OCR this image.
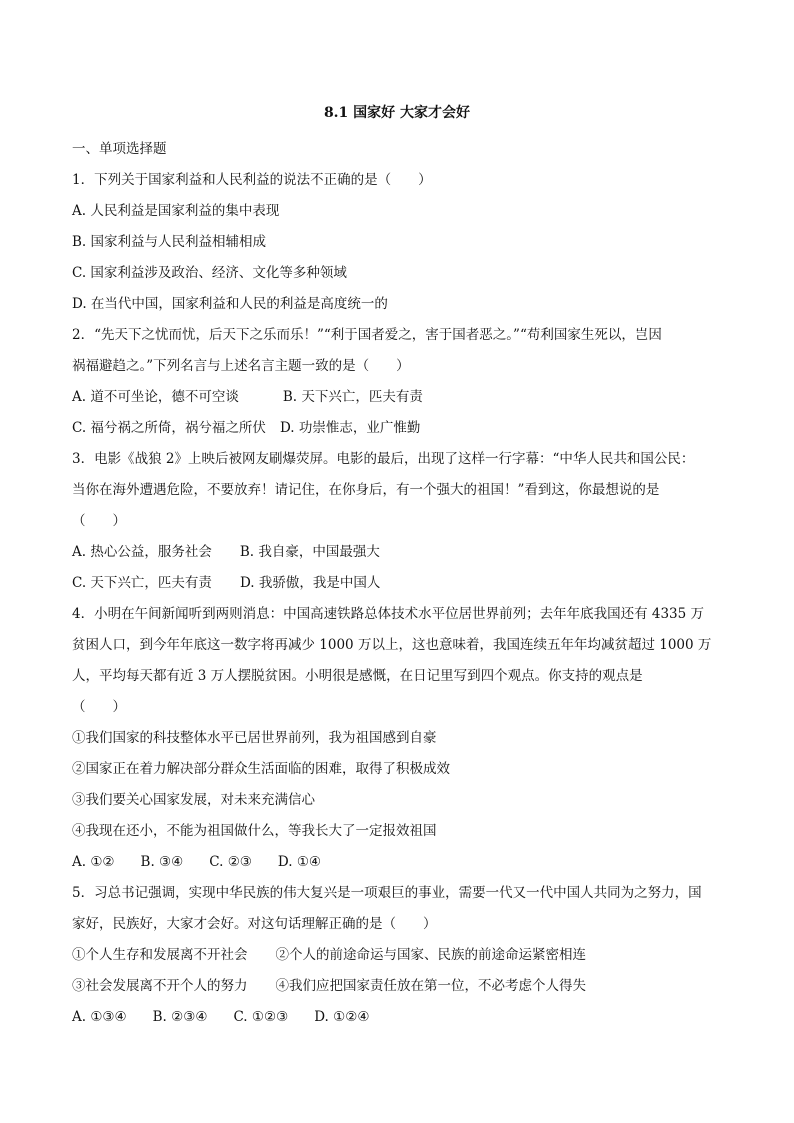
8.1 国家好 大家才会好
一、单项选择题
1．下列关于国家利益和人民利益的说法不正确的是（　　）
A. 人民利益是国家利益的集中表现
B. 国家利益与人民利益相辅相成
C. 国家利益涉及政治、经济、文化等多种领域
D. 在当代中国，国家利益和人民的利益是高度统一的
2．“先天下之忧而忧，后天下之乐而乐！”“利于国者爱之，害于国者恶之。”“苟利国家生死以，岂因
祸福避趋之。”下列名言与上述名言主题一致的是（　　）
A. 道不可坐论，德不可空谈	B. 天下兴亡，匹夫有责
C. 福兮祸之所倚，祸兮福之所伏 D. 功崇惟志，业广惟勤
3．电影《战狼 2》上映后被网友刷爆荧屏。电影的最后，出现了这样一行字幕：“中华人民共和国公民：
当你在海外遭遇危险，不要放弃！请记住，在你身后，有一个强大的祖国！”看到这，你最想说的是
（　　）
A. 热心公益，服务社会 B. 我自豪，中国最强大
C. 天下兴亡，匹夫有责 D. 我骄傲，我是中国人
4．小明在午间新闻听到两则消息：中国高速铁路总体技术水平位居世界前列；去年年底我国还有 4335 万
贫困人口，到今年年底这一数字将再减少 1000 万以上，这也意味着，我国连续五年年均减贫超过 1000 万
人，平均每天都有近 3 万人摆脱贫困。小明很是感慨，在日记里写到四个观点。你支持的观点是
（　　）
①我们国家的科技整体水平已居世界前列，我为祖国感到自豪
②国家正在着力解决部分群众生活面临的困难，取得了积极成效
③我们要关心国家发展，对未来充满信心
④我现在还小，不能为祖国做什么，等我长大了一定报效祖国
A. ①② B. ③④ C. ②③ D. ①④
5．习总书记强调，实现中华民族的伟大复兴是一项艰巨的事业，需要一代又一代中国人共同为之努力，国
家好，民族好，大家才会好。对这句话理解正确的是（　　）
①个人生存和发展离不开社会 ②个人的前途命运与国家、民族的前途命运紧密相连
③社会发展离不开个人的努力 ④我们应把国家责任放在第一位，不必考虑个人得失
A. ①③④ B. ②③④ C. ①②③ D. ①②④
